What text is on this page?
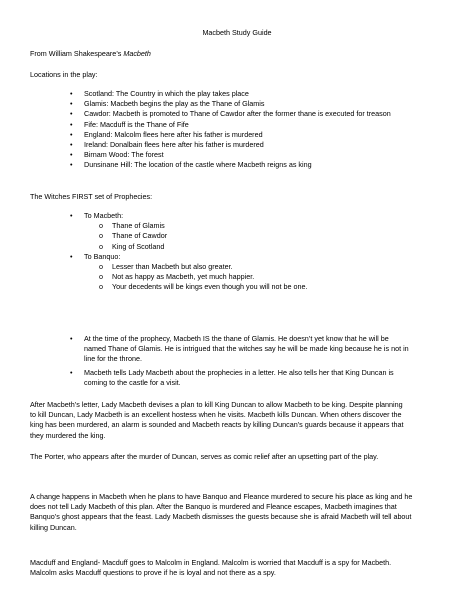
Macbeth Study Guide
From William Shakespeare’s Macbeth
Locations in the play:
• Scotland: The Country in which the play takes place
• Glamis: Macbeth begins the play as the Thane of Glamis
• Cawdor: Macbeth is promoted to Thane of Cawdor after the former thane is executed for treason
• Fife: Macduff is the Thane of Fife
• England: Malcolm flees here after his father is murdered
• Ireland: Donalbain flees here after his father is murdered
• Birnam Wood: The forest
• Dunsinane Hill: The location of the castle where Macbeth reigns as king
The Witches FIRST set of Prophecies:
• To Macbeth:
o Thane of Glamis
o Thane of Cawdor
o King of Scotland
• To Banquo:
o Lesser than Macbeth but also greater.
o Not as happy as Macbeth, yet much happier.
o Your decedents will be kings even though you will not be one.
• At the time of the prophecy, Macbeth IS the thane of Glamis. He doesn’t yet know that he will be

named Thane of Glamis. He is intrigued that the witches say he will be made king because he is not in

line for the throne.

• Macbeth tells Lady Macbeth about the prophecies in a letter. He also tells her that King Duncan is

coming to the castle for a visit.

After Macbeth’s letter, Lady Macbeth devises a plan to kill King Duncan to allow Macbeth to be king. Despite planning

to kill Duncan, Lady Macbeth is an excellent hostess when he visits. Macbeth kills Duncan. When others discover the

king has been murdered, an alarm is sounded and Macbeth reacts by killing Duncan’s guards because it appears that

they murdered the king.

The Porter, who appears after the murder of Duncan, serves as comic relief after an upsetting part of the play.

A change happens in Macbeth when he plans to have Banquo and Fleance murdered to secure his place as king and he

does not tell Lady Macbeth of this plan. After the Banquo is murdered and Fleance escapes, Macbeth imagines that

Banquo’s ghost appears that the feast. Lady Macbeth dismisses the guests because she is afraid Macbeth will tell about

killing Duncan.

Macduff and England- Macduff goes to Malcolm in England. Malcolm is worried that Macduff is a spy for Macbeth.

Malcolm asks Macduff questions to prove if he is loyal and not there as a spy.
